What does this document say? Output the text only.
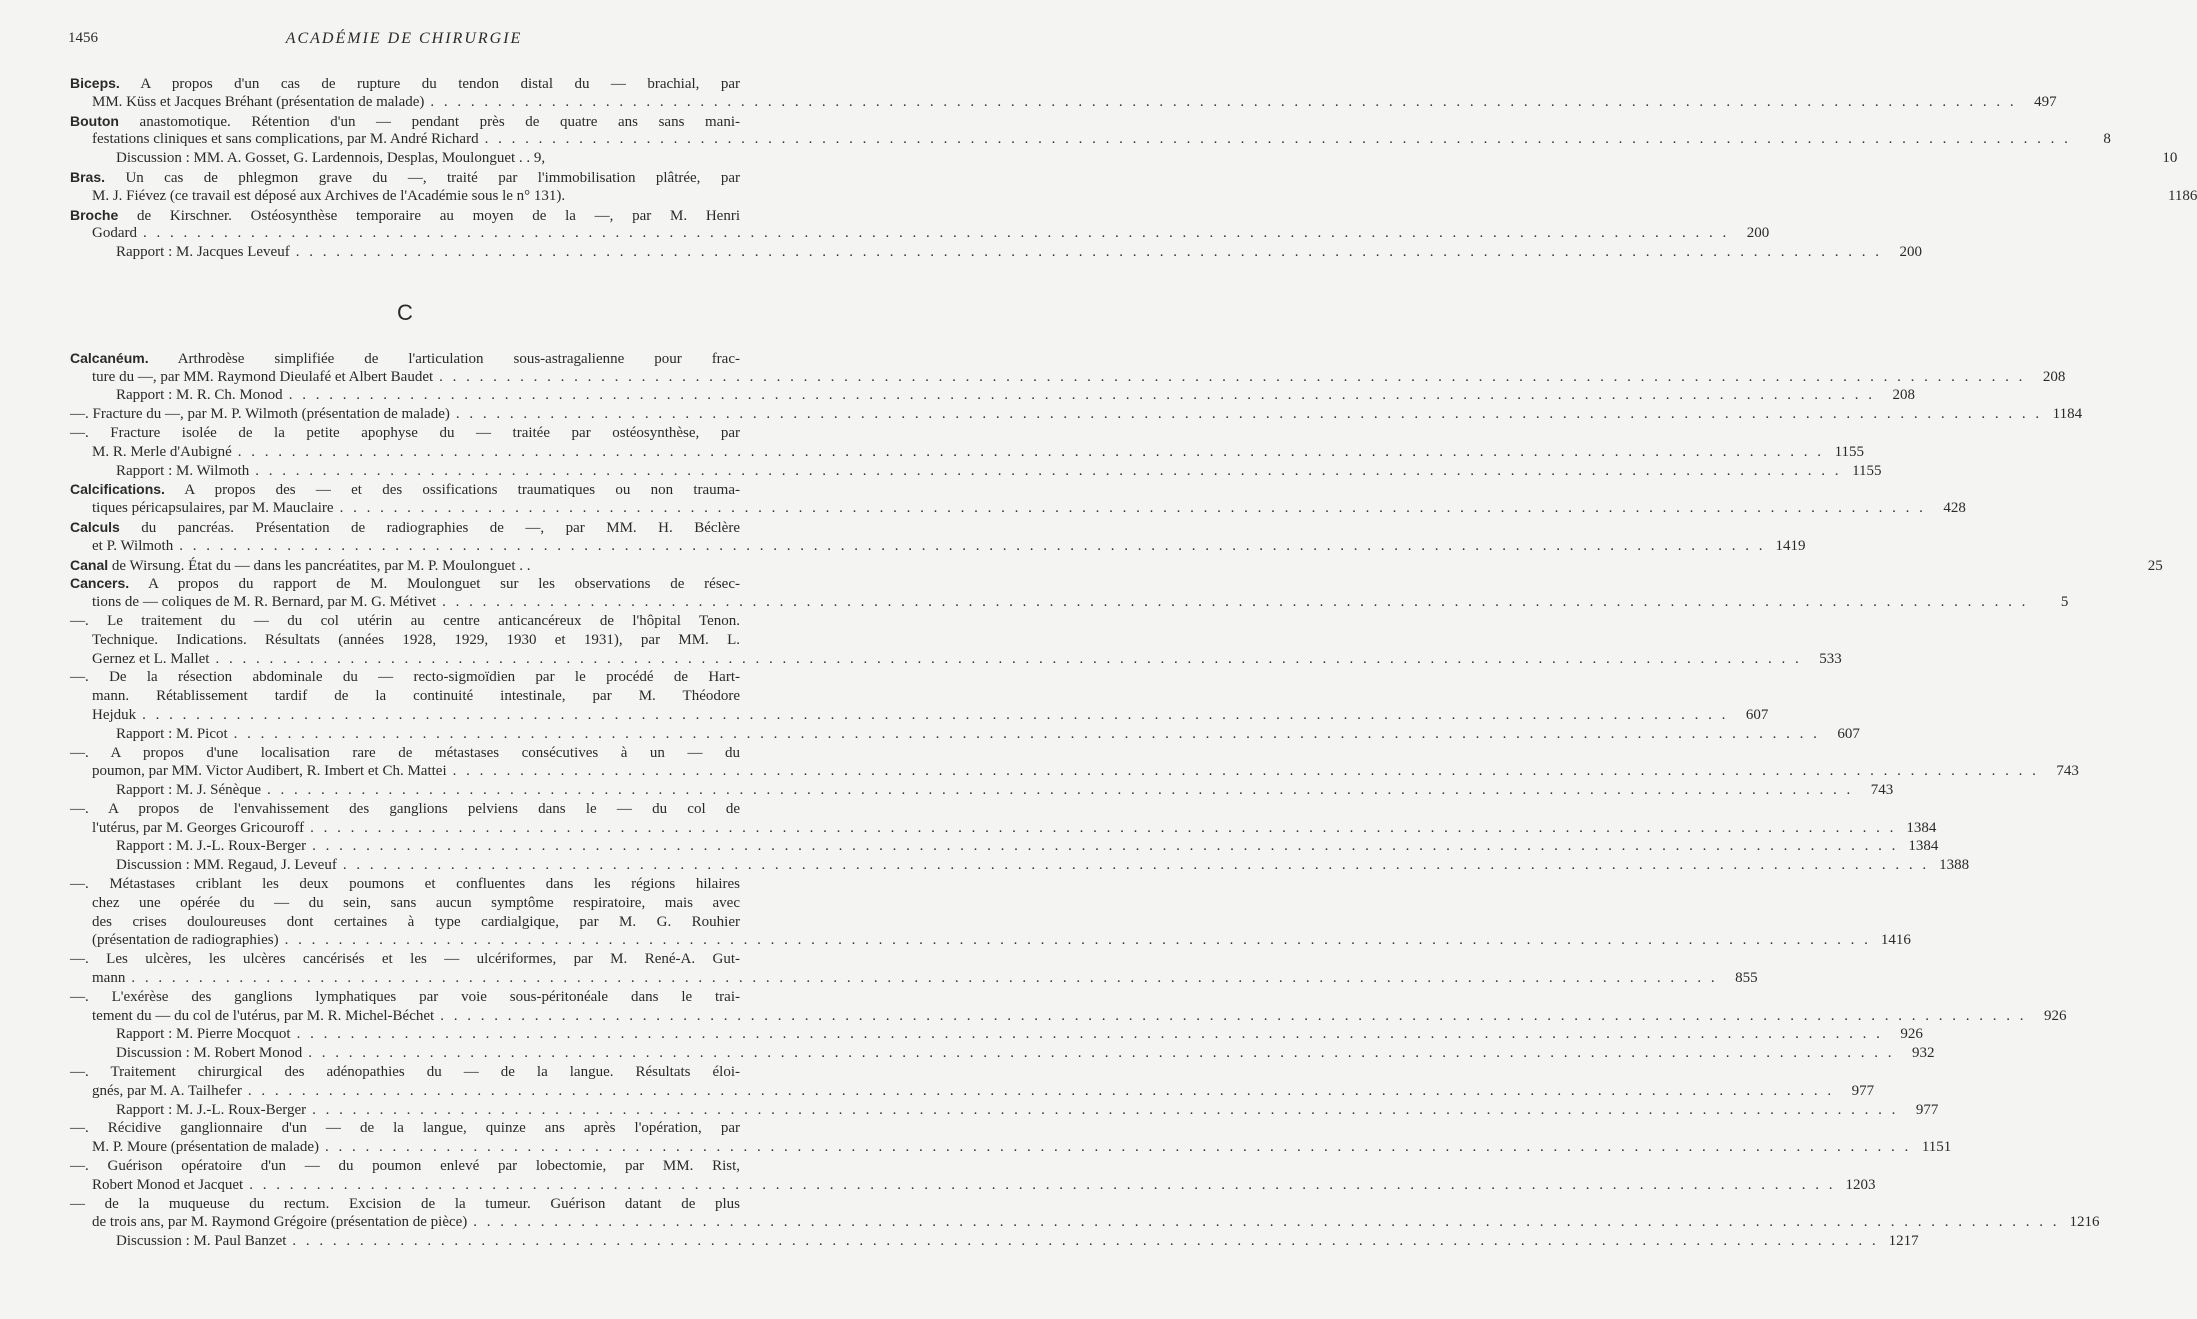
1456	ACADÉMIE DE CHIRURGIE
Biceps. A propos d'un cas de rupture du tendon distal du — brachial, par
MM. Küss et Jacques Bréhant (présentation de malade) . . .	497
Bouton anastomotique. Rétention d'un — pendant près de quatre ans sans mani-
festations cliniques et sans complications, par M. André Richard . . .	8
Discussion : MM. A. Gosset, G. Lardennois, Desplas, Moulonguet . . 9,	10
Bras. Un cas de phlegmon grave du —, traité par l'immobilisation plâtrée, par
M. J. Fiévez (ce travail est déposé aux Archives de l'Académie sous le n° 131).	1186
Broche de Kirschner. Ostéosynthèse temporaire au moyen de la —, par M. Henri
Godard . . .	200
Rapport : M. Jacques Leveuf . . .	200
C
Calcanéum. Arthrodèse simplifiée de l'articulation sous-astragalienne pour frac-
ture du —, par MM. Raymond Dieulafé et Albert Baudet . . .	208
Rapport : M. R. Ch. Monod . . .	208
—. Fracture du —, par M. P. Wilmoth (présentation de malade) . . .	1184
—. Fracture isolée de la petite apophyse du — traitée par ostéosynthèse, par
M. R. Merle d'Aubigné . . .	1155
Rapport : M. Wilmoth . . .	1155
Calcifications. A propos des — et des ossifications traumatiques ou non trauma-
tiques péricapsulaires, par M. Mauclaire . . .	428
Calculs du pancréas. Présentation de radiographies de —, par MM. H. Béclère
et P. Wilmoth . . .	1419
Canal de Wirsung. État du — dans les pancréatites, par M. P. Moulonguet . .	25
Cancers. A propos du rapport de M. Moulonguet sur les observations de résec-
tions de — coliques de M. R. Bernard, par M. G. Métivet . . .	5
—. Le traitement du — du col utérin au centre anticancéreux de l'hôpital Tenon.
Technique. Indications. Résultats (années 1928, 1929, 1930 et 1931), par MM. L.
Gernez et L. Mallet . . .	533
—. De la résection abdominale du — recto-sigmoïdien par le procédé de Hart-
mann. Rétablissement tardif de la continuité intestinale, par M. Théodore
Hejduk . . .	607
Rapport : M. Picot . . .	607
—. A propos d'une localisation rare de métastases consécutives à un — du
poumon, par MM. Victor Audibert, R. Imbert et Ch. Mattei . . .	743
Rapport : M. J. Sénèque . . .	743
—. A propos de l'envahissement des ganglions pelviens dans le — du col de
l'utérus, par M. Georges Gricouroff . . .	1384
Rapport : M. J.-L. Roux-Berger . . .	1384
Discussion : MM. Regaud, J. Leveuf . . .	1388
—. Métastases criblant les deux poumons et confluentes dans les régions hilaires
chez une opérée du — du sein, sans aucun symptôme respiratoire, mais avec
des crises douloureuses dont certaines à type cardialgique, par M. G. Rouhier
(présentation de radiographies) . . .	1416
—. Les ulcères, les ulcères cancérisés et les — ulcériformes, par M. René-A. Gut-
mann . . .	855
—. L'exérèse des ganglions lymphatiques par voie sous-péritonéale dans le trai-
tement du — du col de l'utérus, par M. R. Michel-Béchet . . .	926
Rapport : M. Pierre Mocquot . . .	926
Discussion : M. Robert Monod . . .	932
—. Traitement chirurgical des adénopathies du — de la langue. Résultats éloi-
gnés, par M. A. Tailhefer . . .	977
Rapport : M. J.-L. Roux-Berger . . .	977
—. Récidive ganglionnaire d'un — de la langue, quinze ans après l'opération, par
M. P. Moure (présentation de malade) . . .	1151
—. Guérison opératoire d'un — du poumon enlevé par lobectomie, par MM. Rist,
Robert Monod et Jacquet . . .	1203
— de la muqueuse du rectum. Excision de la tumeur. Guérison datant de plus
de trois ans, par M. Raymond Grégoire (présentation de pièce) . . .	1216
Discussion : M. Paul Banzet . . .	1217
